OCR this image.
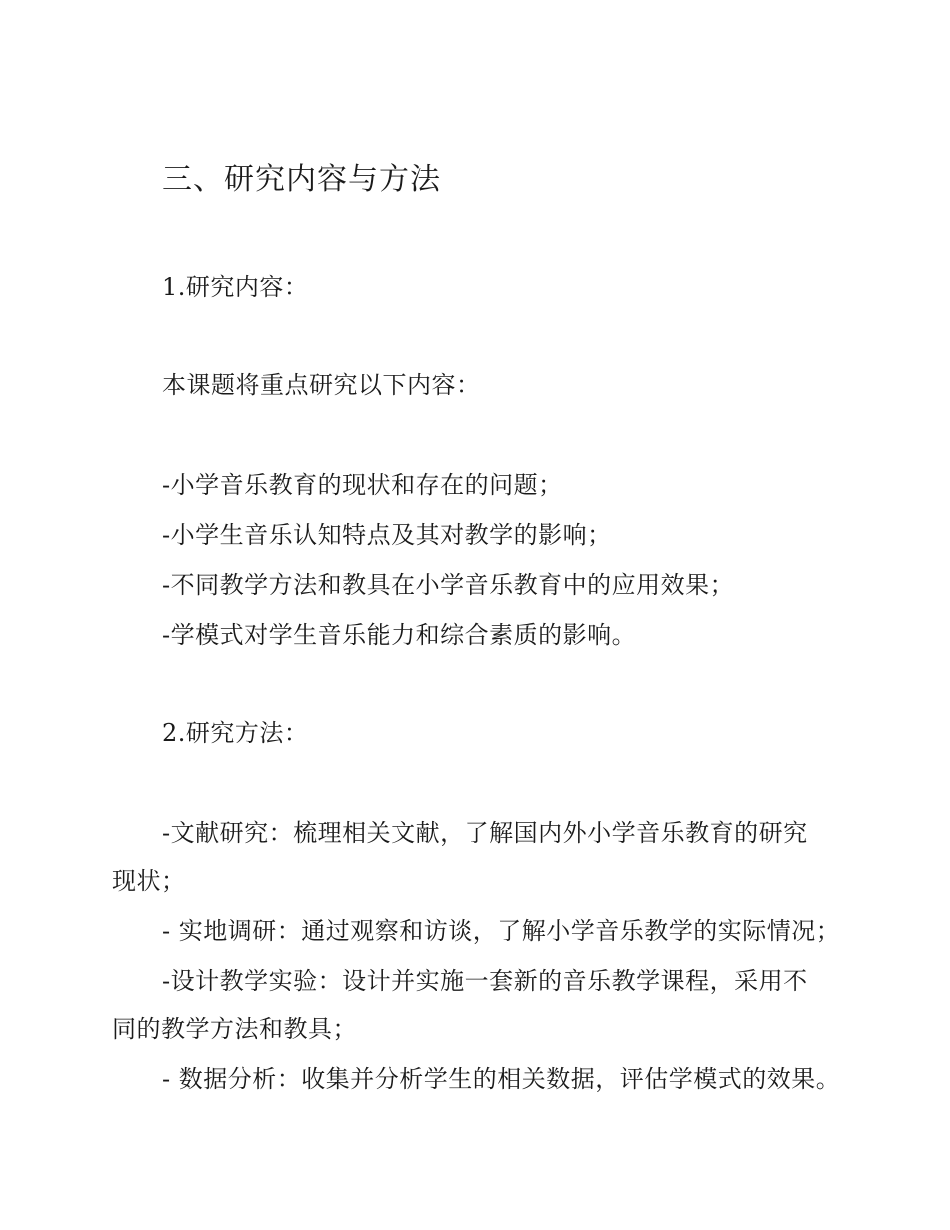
三、研究内容与方法
1.研究内容：
本课题将重点研究以下内容：
-小学音乐教育的现状和存在的问题；
-小学生音乐认知特点及其对教学的影响；
-不同教学方法和教具在小学音乐教育中的应用效果；
-学模式对学生音乐能力和综合素质的影响。
2.研究方法：
-文献研究：梳理相关文献，了解国内外小学音乐教育的研究
现状；
- 实地调研：通过观察和访谈，了解小学音乐教学的实际情况；
-设计教学实验：设计并实施一套新的音乐教学课程，采用不
同的教学方法和教具；
- 数据分析：收集并分析学生的相关数据，评估学模式的效果。
